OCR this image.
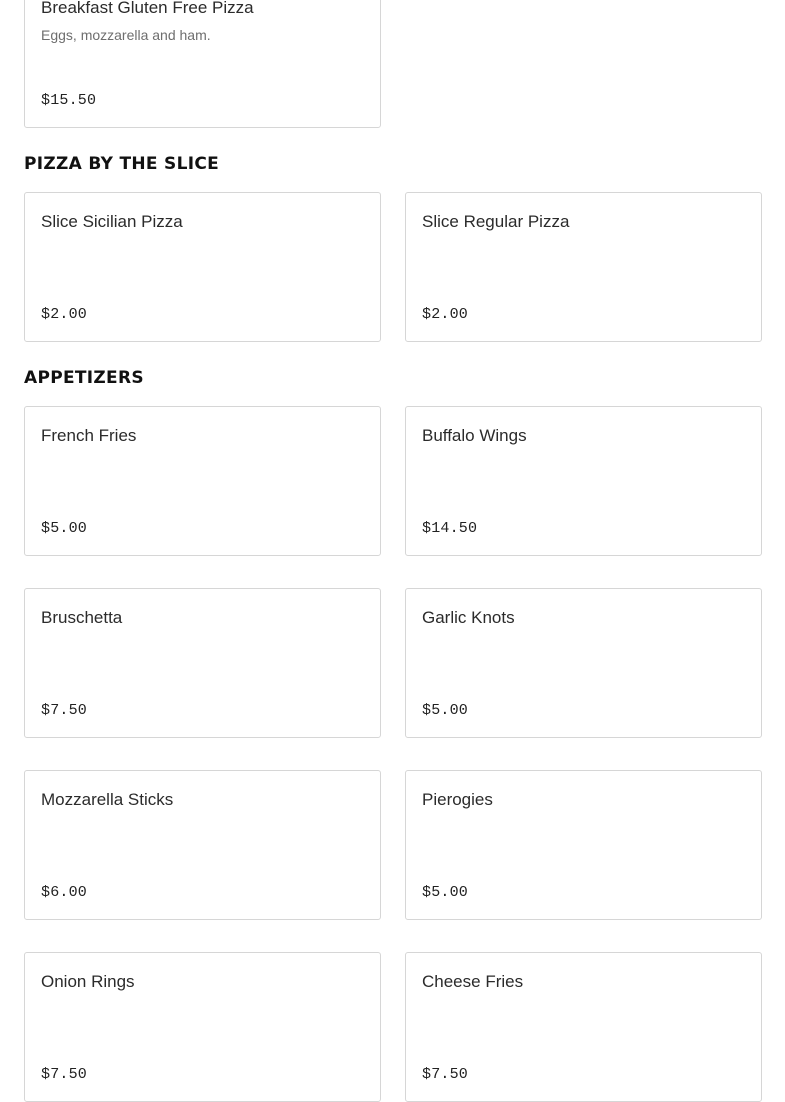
Breakfast Gluten Free Pizza
Eggs, mozzarella and ham.
$15.50
PIZZA BY THE SLICE
Slice Sicilian Pizza
$2.00
Slice Regular Pizza
$2.00
APPETIZERS
French Fries
$5.00
Buffalo Wings
$14.50
Bruschetta
$7.50
Garlic Knots
$5.00
Mozzarella Sticks
$6.00
Pierogies
$5.00
Onion Rings
$7.50
Cheese Fries
$7.50
